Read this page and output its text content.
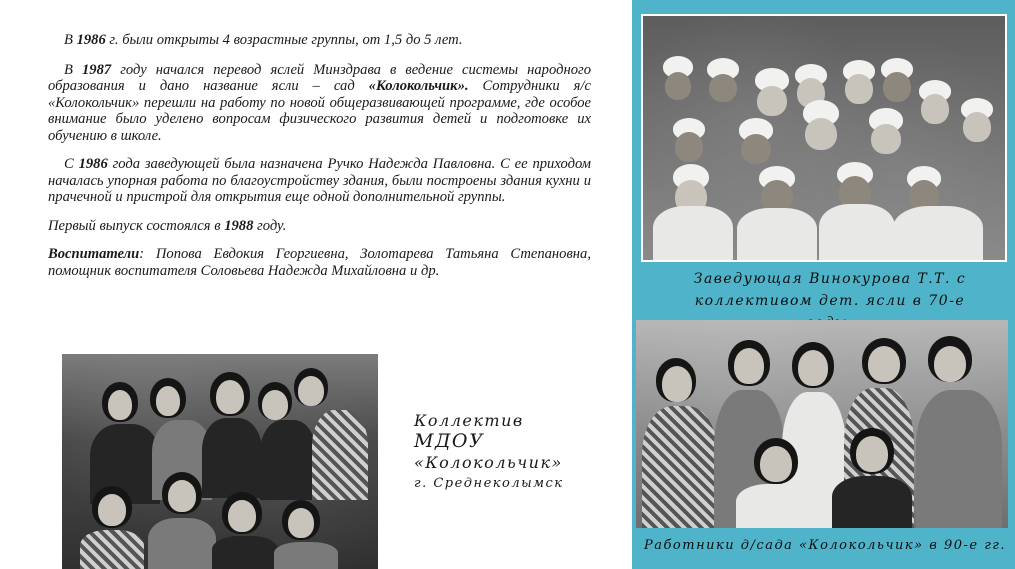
В 1986 г. были открыты 4 возрастные группы, от 1,5 до 5 лет.

В 1987 году начался перевод яслей Минздрава в ведение системы народного образования и дано название ясли – сад «Колокольчик». Сотрудники я/с «Колокольчик» перешли на работу по новой общеразвивающей программе, где особое внимание было уделено вопросам физического развития детей и подготовке их обучению в школе.

С 1986 года заведующей была назначена Ручко Надежда Павловна. С ее приходом началась упорная работа по благоустройству здания, были построены здания кухни и прачечной и пристрой для открытия еще одной дополнительной группы.

Первый выпуск состоялся в 1988 году.

Воспитатели: Попова Евдокия Георгиевна, Золотарева Татьяна Степановна, помощник воспитателя Соловьева Надежда Михайловна и др.

Коллектив
МДОУ
«Колокольчик»
г. Среднеколымск
Заведующая Винокурова Т.Т. с коллективом дет. ясли в 70-е
Работники д/сада «Колокольчик» в 90-е гг.
